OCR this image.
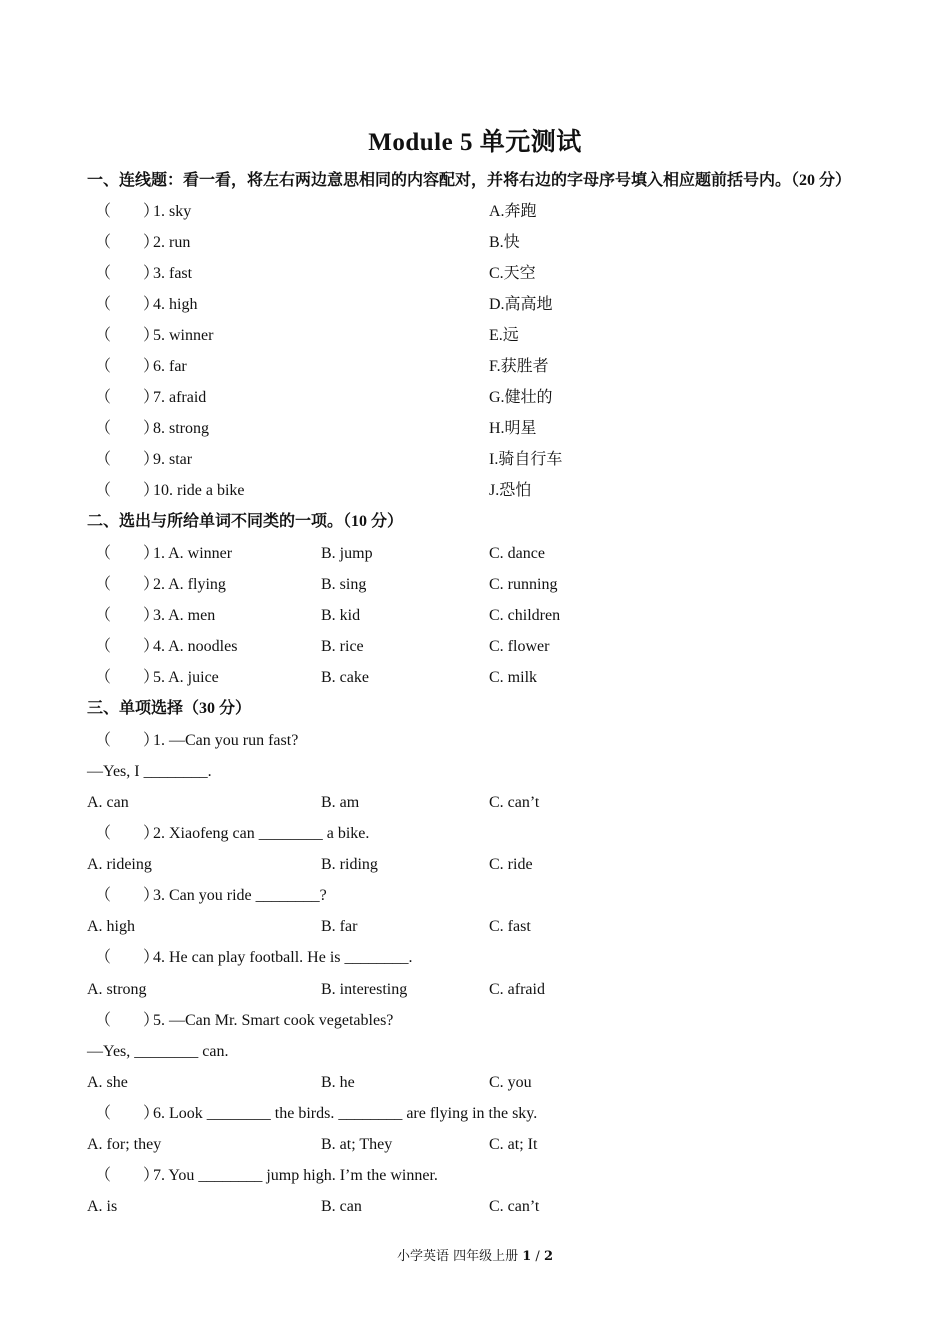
Module 5 单元测试
一、连线题：看一看，将左右两边意思相同的内容配对，并将右边的字母序号填入相应题前括号内。（20 分）
（　　）
1. sky	A.奔跑
（　　）
2. run	B.快
（　　）
3. fast	C.天空
（　　）
4. high	D.高高地
（　　）
5. winner	E.远
（　　）
6. far	F.获胜者
（　　）
7. afraid	G.健壮的
（　　）
8. strong	H.明星
（　　）
9. star	I.骑自行车
（　　）
10. ride a bike	J.恐怕
二、选出与所给单词不同类的一项。（10 分）
（　　）
1. A. winner	B. jump	C. dance
（　　）
2. A. flying	B. sing	C. running
（　　）
3. A. men	B. kid	C. children
（　　）
4. A. noodles	B. rice	C. flower
（　　）
5. A. juice	B. cake	C. milk
三、单项选择（30 分）
（　　）
1. —Can you run fast?
—Yes, I ________.
A. can	B. am	C. can’t
（　　）
2. Xiaofeng can ________ a bike.
A. rideing	B. riding	C. ride
（　　）
3. Can you ride ________?
A. high	B. far	C. fast
（　　）
4. He can play football. He is ________.
A. strong	B. interesting	C. afraid
（　　）
5. —Can Mr. Smart cook vegetables?
—Yes, ________ can.
A. she	B. he	C. you
（　　）
6. Look ________ the birds. ________ are flying in the sky.
A. for; they	B. at; They	C. at; It
（　　）
7. You ________ jump high. I’m the winner.
A. is	B. can	C. can’t
小学英语 四年级上册 1 / 2
